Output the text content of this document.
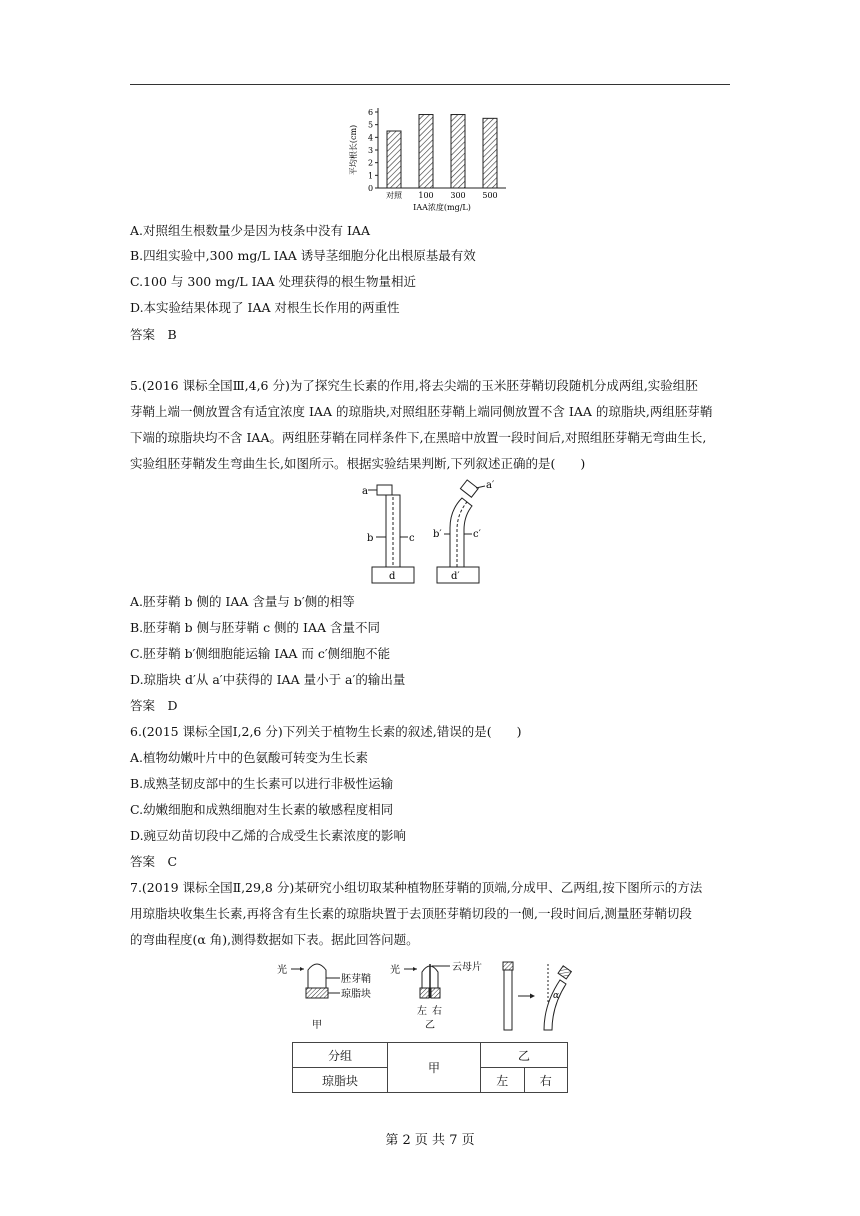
0
1
2
3
4
5
6
对照 100 300 500
IAA浓度(mg/L)
平均根长(cm)
A.对照组生根数量少是因为枝条中没有 IAA
B.四组实验中,300 mg/L IAA 诱导茎细胞分化出根原基最有效
C.100 与 300 mg/L IAA 处理获得的根生物量相近
D.本实验结果体现了 IAA 对根生长作用的两重性
答案　B
5.(2016 课标全国Ⅲ,4,6 分)为了探究生长素的作用,将去尖端的玉米胚芽鞘切段随机分成两组,实验组胚
芽鞘上端一侧放置含有适宜浓度 IAA 的琼脂块,对照组胚芽鞘上端同侧放置不含 IAA 的琼脂块,两组胚芽鞘
下端的琼脂块均不含 IAA。两组胚芽鞘在同样条件下,在黑暗中放置一段时间后,对照组胚芽鞘无弯曲生长,
实验组胚芽鞘发生弯曲生长,如图所示。根据实验结果判断,下列叙述正确的是(　　)
a
b	c
d
a′
b′	c′
d′
A.胚芽鞘 b 侧的 IAA 含量与 b′侧的相等
B.胚芽鞘 b 侧与胚芽鞘 c 侧的 IAA 含量不同
C.胚芽鞘 b′侧细胞能运输 IAA 而 c′侧细胞不能
D.琼脂块 d′从 a′中获得的 IAA 量小于 a′的输出量
答案　D
6.(2015 课标全国Ⅰ,2,6 分)下列关于植物生长素的叙述,错误的是(　　)
A.植物幼嫩叶片中的色氨酸可转变为生长素
B.成熟茎韧皮部中的生长素可以进行非极性运输
C.幼嫩细胞和成熟细胞对生长素的敏感程度相同
D.豌豆幼苗切段中乙烯的合成受生长素浓度的影响
答案　C
7.(2019 课标全国Ⅱ,29,8 分)某研究小组切取某种植物胚芽鞘的顶端,分成甲、乙两组,按下图所示的方法
用琼脂块收集生长素,再将含有生长素的琼脂块置于去顶胚芽鞘切段的一侧,一段时间后,测量胚芽鞘切段
的弯曲程度(α 角),测得数据如下表。据此回答问题。
光
胚芽鞘
琼脂块
甲
光	云母片
左 右
乙
α
分组	甲	乙	
琼脂块		左	右
第 2 页 共 7 页
